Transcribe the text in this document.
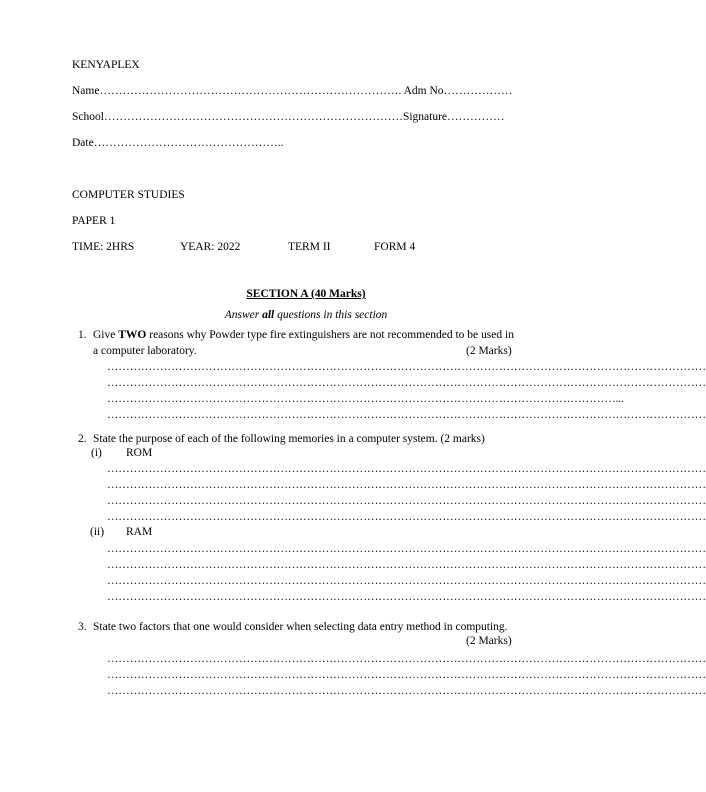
KENYAPLEX
Name……………………………………………………………………. Adm No………………
School……………………………………………………………………Signature……………
Date…………………………………………..
COMPUTER STUDIES
PAPER 1
TIME: 2HRS	YEAR: 2022	TERM II	FORM 4
SECTION A (40 Marks)
Answer all questions in this section
1. Give TWO reasons why Powder type fire extinguishers are not recommended to be used in
a computer laboratory.	(2 Marks)
……………………………………………………………………………………………………………………………………………
……………………………………………………………………………………………………………………………………………
………………………………………………………………………………………………………………………...
……………………………………………………………………………………………………………………………………………
2. State the purpose of each of the following memories in a computer system. (2 marks)
(i) ROM
……………………………………………………………………………………………………………………………………………
……………………………………………………………………………………………………………………………………………
……………………………………………………………………………………………………………………………………………
……………………………………………………………………………………………………………………………………………
(ii) RAM
……………………………………………………………………………………………………………………………………………
……………………………………………………………………………………………………………………………………………
……………………………………………………………………………………………………………………………………………
……………………………………………………………………………………………………………………………………………
3. State two factors that one would consider when selecting data entry method in computing.
(2 Marks)
……………………………………………………………………………………………………………………………………………
……………………………………………………………………………………………………………………………………………
……………………………………………………………………………………………………………………………………………
